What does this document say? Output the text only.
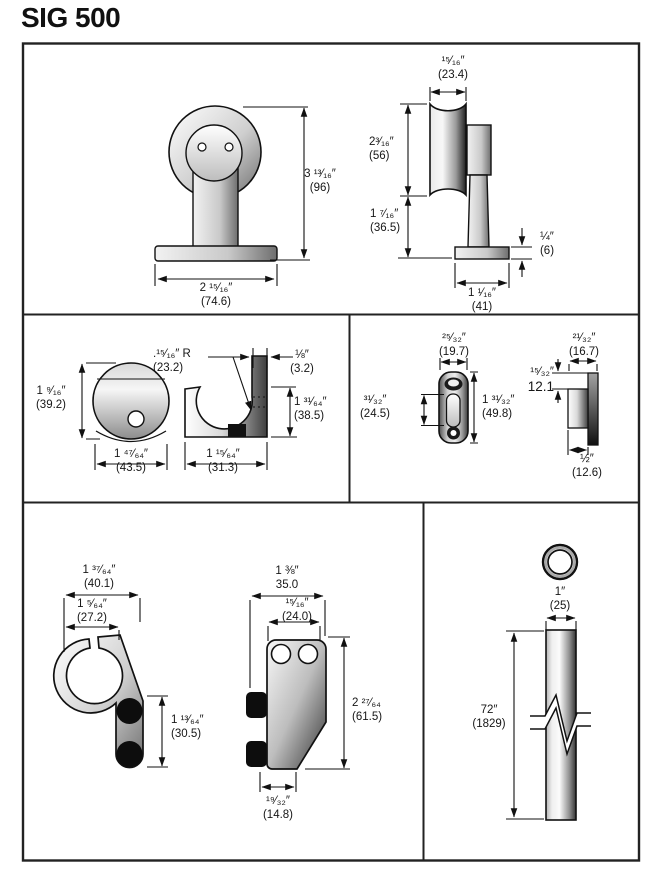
SIG 500
3 ¹³⁄₁₆″
(96)
2 ¹⁵⁄₁₆″
(74.6)
¹⁵⁄₁₆″
(23.4)
2³⁄₁₆″
(56)
1 ⁷⁄₁₆″
(36.5)
¼″
(6)
1 ¹⁄₁₆″
(41)
1 ⁹⁄₁₆″
(39.2)
1 ⁴⁷⁄₆₄″
(43.5)
.¹⁵⁄₁₆″ R
(23.2)
⅛″
(3.2)
1 ³¹⁄₆₄″
(38.5)
1 ¹⁵⁄₆₄″
(31.3)
²⁵⁄₃₂″
(19.7)
³¹⁄₃₂″
(24.5)
1 ³¹⁄₃₂″
(49.8)
²¹⁄₃₂″
(16.7)
¹⁵⁄₃₂″
12.1
½″
(12.6)
1 ³⁷⁄₆₄″
(40.1)
1 ⁵⁄₆₄″
(27.2)
1 ¹³⁄₆₄″
(30.5)
1 ⅜″
35.0
¹⁵⁄₁₆″
(24.0)
2 ²⁷⁄₆₄
(61.5)
¹⁹⁄₃₂″
(14.8)
1″
(25)
72″
(1829)
